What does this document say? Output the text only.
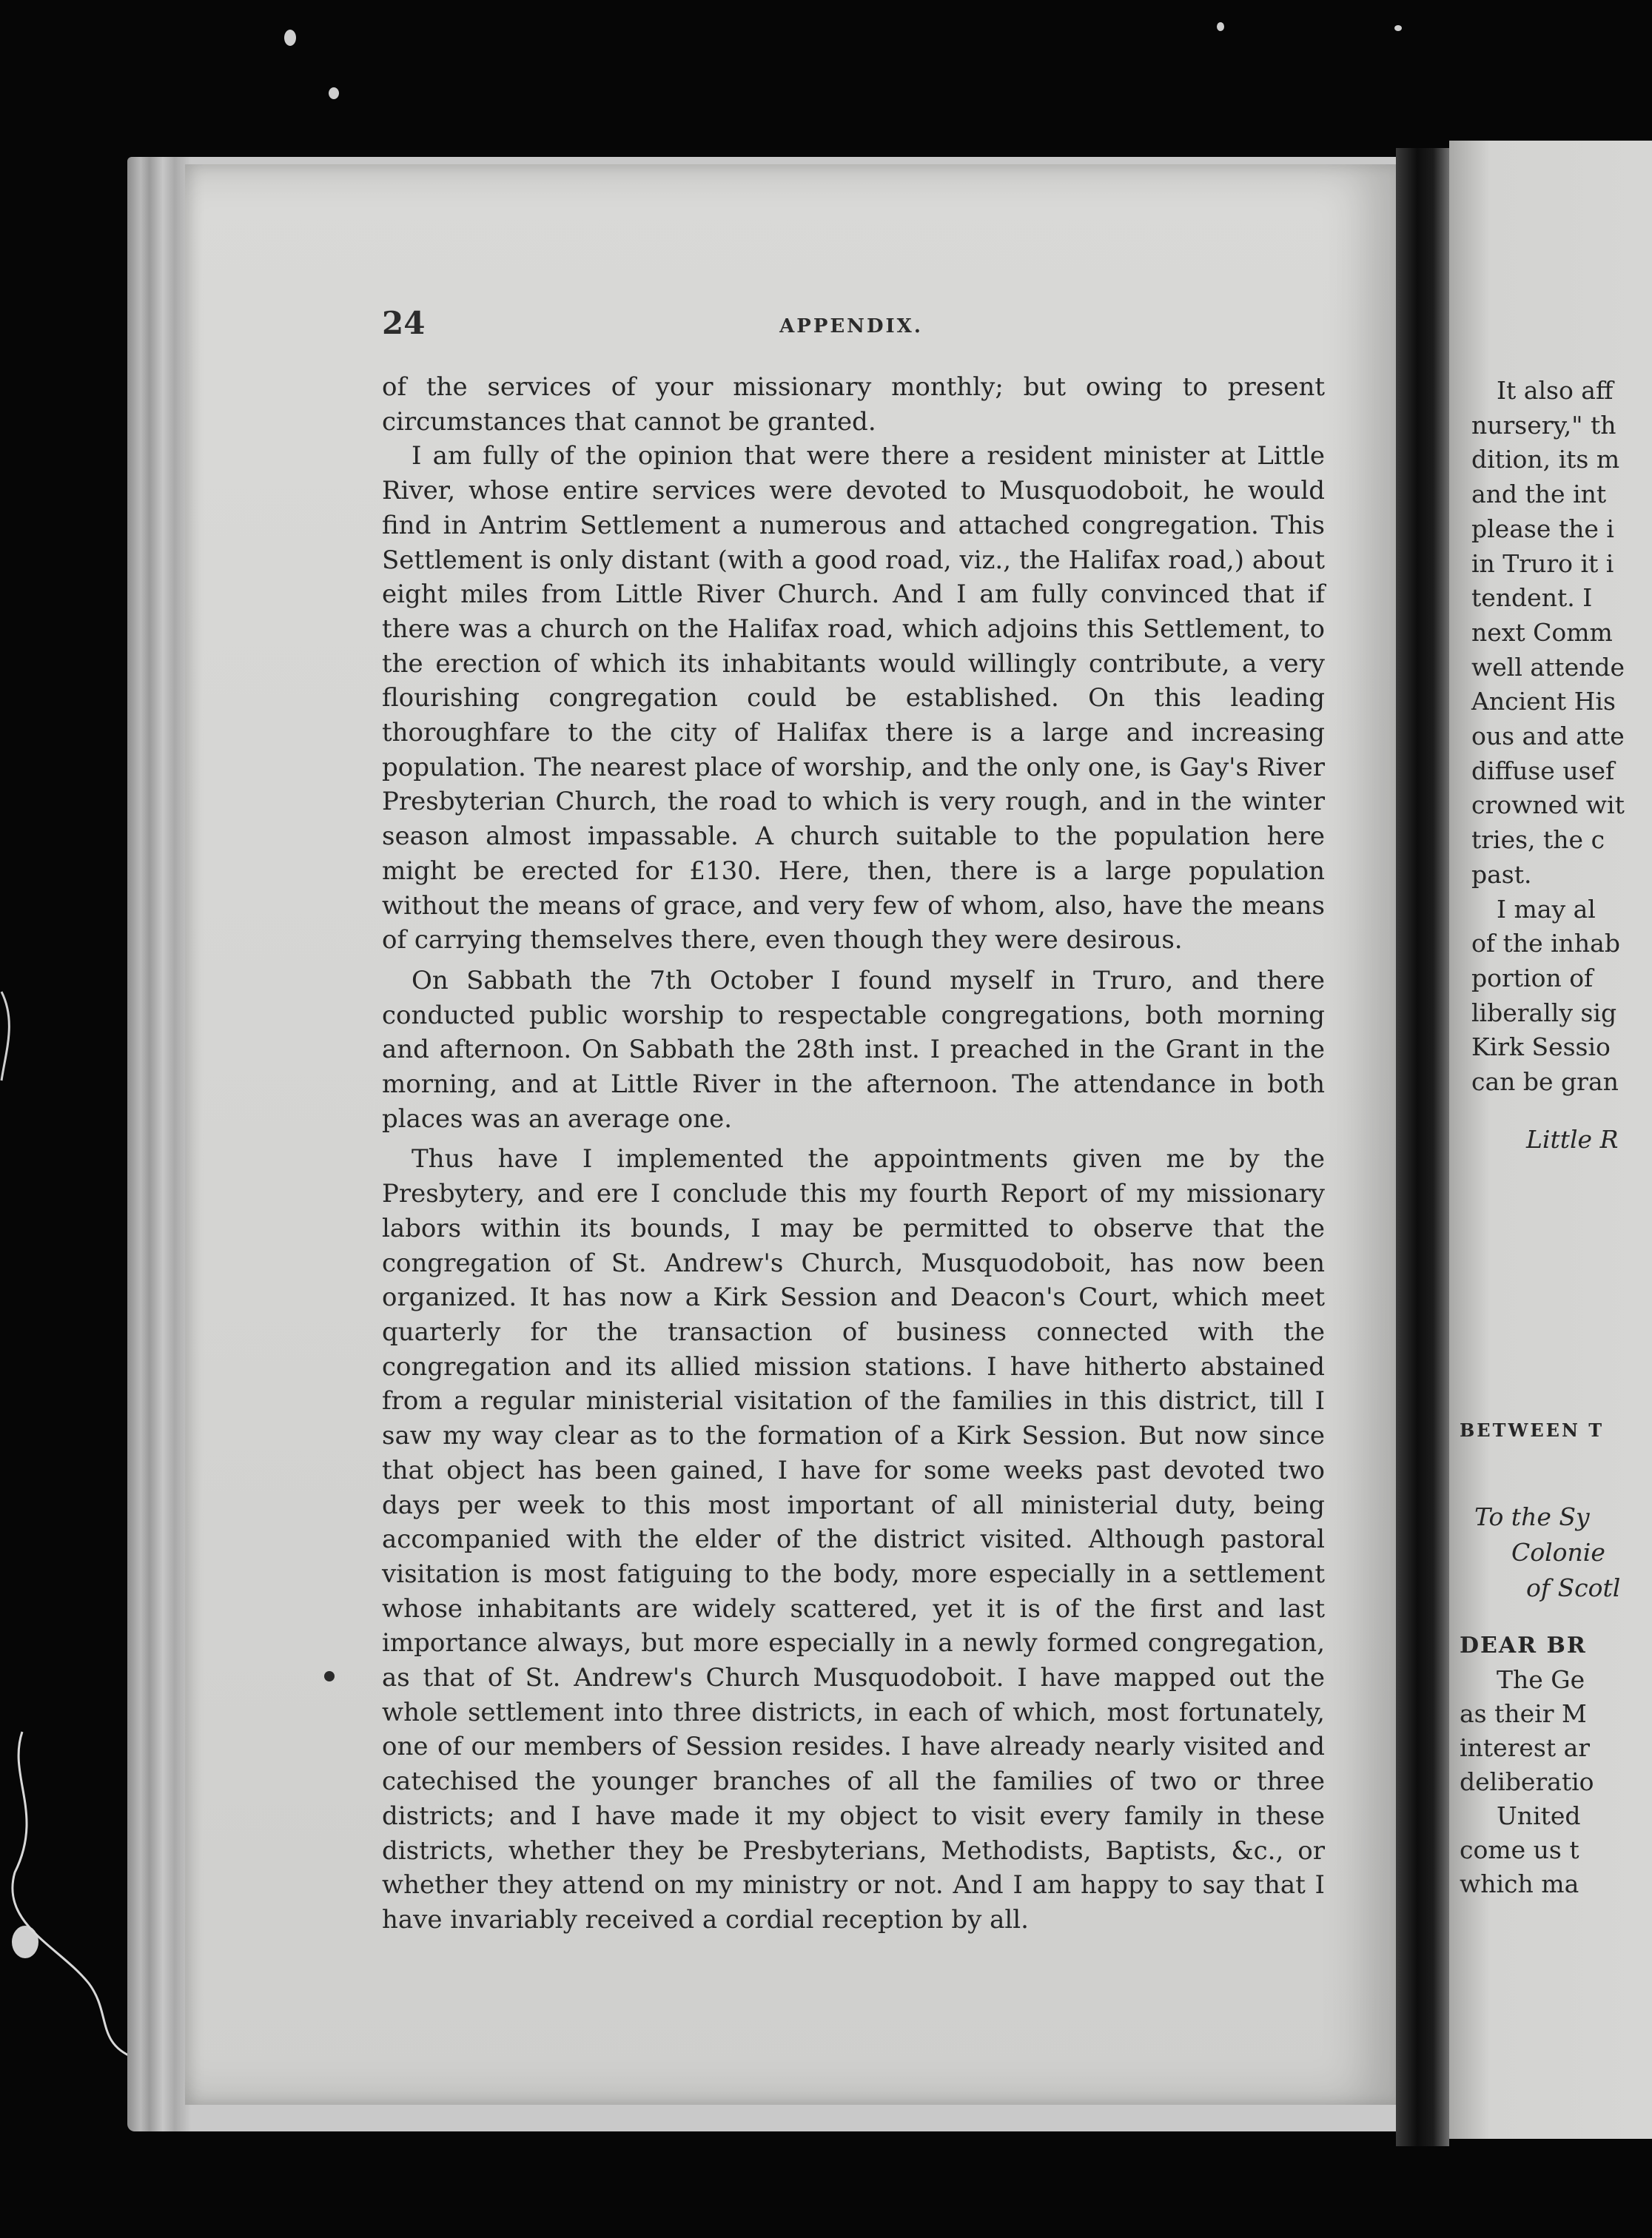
It also aff
nursery," th
dition, its m
and the int
please the i
in Truro it i
tendent. I
next Comm
well attende
Ancient His
ous and atte
diffuse usef
crowned wit
tries, the c
past.
I may al
of the inhab
portion of
liberally sig
Kirk Sessio
can be gran
Little R
BETWEEN T
To the Sy
Colonie
of Scotl
DEAR BR
The Ge
as their M
interest ar
deliberatio
United
come us t
which ma
24	APPENDIX.

of the services of your missionary monthly; but owing to present circumstances that cannot be granted.

I am fully of the opinion that were there a resident minister at Little River, whose entire services were devoted to Musquodoboit, he would find in Antrim Settlement a numerous and attached congregation. This Settlement is only distant (with a good road, viz., the Halifax road,) about eight miles from Little River Church. And I am fully convinced that if there was a church on the Halifax road, which adjoins this Settlement, to the erection of which its inhabitants would willingly contribute, a very flourishing congregation could be established. On this leading thoroughfare to the city of Halifax there is a large and increasing population. The nearest place of worship, and the only one, is Gay's River Presbyterian Church, the road to which is very rough, and in the winter season almost impassable. A church suitable to the population here might be erected for £130. Here, then, there is a large population without the means of grace, and very few of whom, also, have the means of carrying themselves there, even though they were desirous.

On Sabbath the 7th October I found myself in Truro, and there conducted public worship to respectable congregations, both morning and afternoon. On Sabbath the 28th inst. I preached in the Grant in the morning, and at Little River in the afternoon. The attendance in both places was an average one.

Thus have I implemented the appointments given me by the Presbytery, and ere I conclude this my fourth Report of my missionary labors within its bounds, I may be permitted to observe that the congregation of St. Andrew's Church, Musquodoboit, has now been organized. It has now a Kirk Session and Deacon's Court, which meet quarterly for the transaction of business connected with the congregation and its allied mission stations. I have hitherto abstained from a regular ministerial visitation of the families in this district, till I saw my way clear as to the formation of a Kirk Session. But now since that object has been gained, I have for some weeks past devoted two days per week to this most important of all ministerial duty, being accompanied with the elder of the district visited. Although pastoral visitation is most fatiguing to the body, more especially in a settlement whose inhabitants are widely scattered, yet it is of the first and last importance always, but more especially in a newly formed congregation, as that of St. Andrew's Church Musquodoboit. I have mapped out the whole settlement into three districts, in each of which, most fortunately, one of our members of Session resides. I have already nearly visited and catechised the younger branches of all the families of two or three districts; and I have made it my object to visit every family in these districts, whether they be Presbyterians, Methodists, Baptists, &c., or whether they attend on my ministry or not. And I am happy to say that I have invariably received a cordial reception by all.
